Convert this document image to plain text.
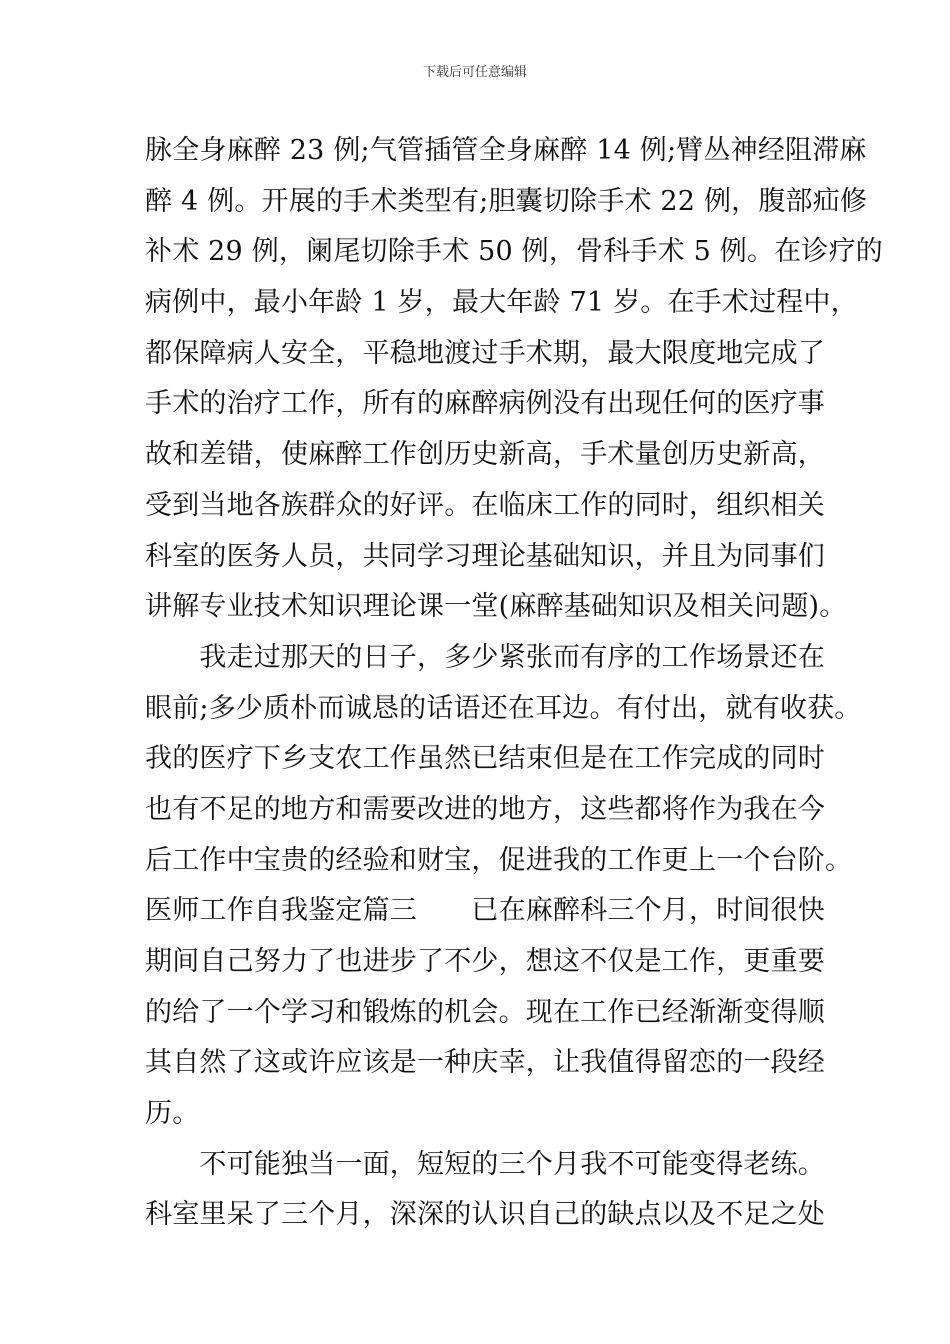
下载后可任意编辑
脉全身麻醉 23 例;气管插管全身麻醉 14 例;臂丛神经阻滞麻
醉 4 例。开展的手术类型有;胆囊切除手术 22 例，腹部疝修
补术 29 例，阑尾切除手术 50 例，骨科手术 5 例。在诊疗的
病例中，最小年龄 1 岁，最大年龄 71 岁。在手术过程中，
都保障病人安全，平稳地渡过手术期，最大限度地完成了
手术的治疗工作，所有的麻醉病例没有出现任何的医疗事
故和差错，使麻醉工作创历史新高，手术量创历史新高，
受到当地各族群众的好评。在临床工作的同时，组织相关
科室的医务人员，共同学习理论基础知识，并且为同事们
讲解专业技术知识理论课一堂(麻醉基础知识及相关问题)。
　　我走过那天的日子，多少紧张而有序的工作场景还在
眼前;多少质朴而诚恳的话语还在耳边。有付出，就有收获。
我的医疗下乡支农工作虽然已结束但是在工作完成的同时
也有不足的地方和需要改进的地方，这些都将作为我在今
后工作中宝贵的经验和财宝，促进我的工作更上一个台阶。
医师工作自我鉴定篇三　　已在麻醉科三个月，时间很快
期间自己努力了也进步了不少，想这不仅是工作，更重要
的给了一个学习和锻炼的机会。现在工作已经渐渐变得顺
其自然了这或许应该是一种庆幸，让我值得留恋的一段经
历。
　　不可能独当一面，短短的三个月我不可能变得老练。
科室里呆了三个月，深深的认识自己的缺点以及不足之处
